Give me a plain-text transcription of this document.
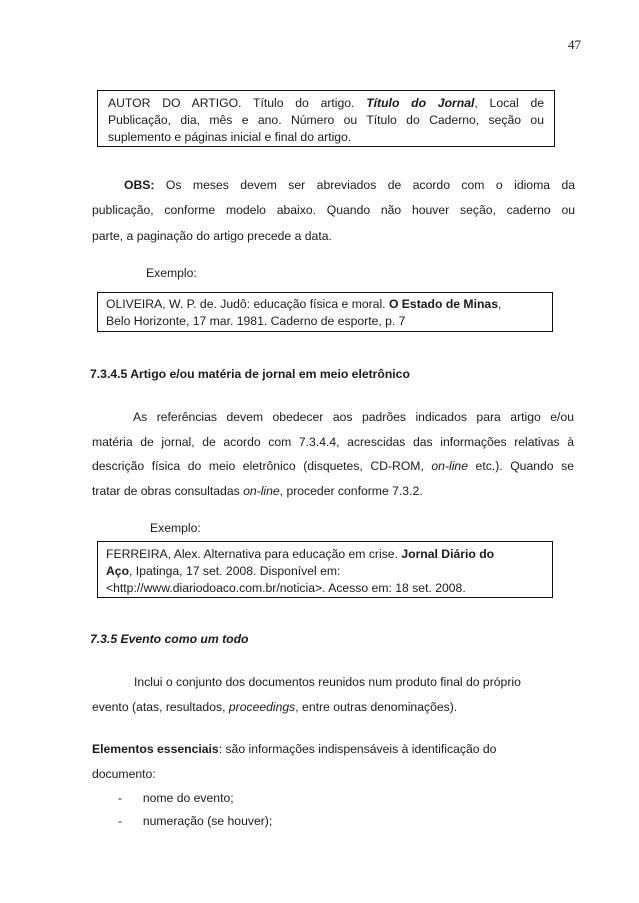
47
AUTOR DO ARTIGO. Título do artigo. Título do Jornal, Local de
Publicação, dia, mês e ano. Número ou Título do Caderno, seção ou
suplemento e páginas inicial e final do artigo.
OBS: Os meses devem ser abreviados de acordo com o idioma da
publicação, conforme modelo abaixo. Quando não houver seção, caderno ou
parte, a paginação do artigo precede a data.
Exemplo:
OLIVEIRA, W. P. de. Judô: educação física e moral. O Estado de Minas,
Belo Horizonte, 17 mar. 1981. Caderno de esporte, p. 7
7.3.4.5 Artigo e/ou matéria de jornal em meio eletrônico
As referências devem obedecer aos padrões indicados para artigo e/ou
matéria de jornal, de acordo com 7.3.4.4, acrescidas das informações relativas à
descrição física do meio eletrônico (disquetes, CD-ROM, on-line etc.). Quando se
tratar de obras consultadas on-line, proceder conforme 7.3.2.
Exemplo:
FERREIRA, Alex. Alternativa para educação em crise. Jornal Diário do
Aço, Ipatinga, 17 set. 2008. Disponível em:
<http://www.diariodoaco.com.br/noticia>. Acesso em: 18 set. 2008.
7.3.5 Evento como um todo
Inclui o conjunto dos documentos reunidos num produto final do próprio
evento (atas, resultados, proceedings, entre outras denominações).
Elementos essenciais: são informações indispensáveis à identificação do
documento:
- nome do evento;
- numeração (se houver);
